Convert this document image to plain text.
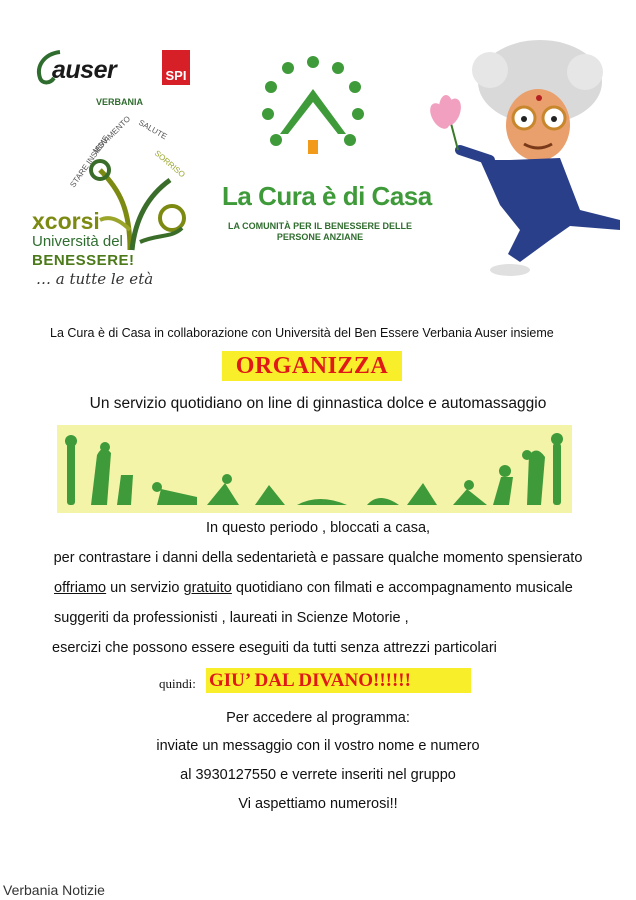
auser
VERBANIA
SPI
STARE INSIEME
MOVIMENTO SALUTE
SORRISO
xcorsi
Università del
BENESSERE!
… a tutte le età
La Cura è di Casa
LA COMUNITÀ PER IL BENESSERE DELLE PERSONE ANZIANE
La Cura è di Casa in collaborazione con Università del Ben Essere Verbania Auser insieme
ORGANIZZA
Un servizio quotidiano on line di ginnastica dolce e automassaggio
In questo periodo , bloccati a casa,
per contrastare i danni della sedentarietà e passare qualche momento spensierato
offriamo un servizio gratuito quotidiano con filmati e accompagnamento musicale
suggeriti da professionisti , laureati in Scienze Motorie ,
esercizi che possono essere eseguiti da tutti senza attrezzi particolari
quindi: GIU’ DAL DIVANO!!!!!!
Per accedere al programma:
inviate un messaggio con il vostro nome e numero
al 3930127550 e verrete inseriti nel gruppo
Vi aspettiamo numerosi!!
Verbania Notizie
